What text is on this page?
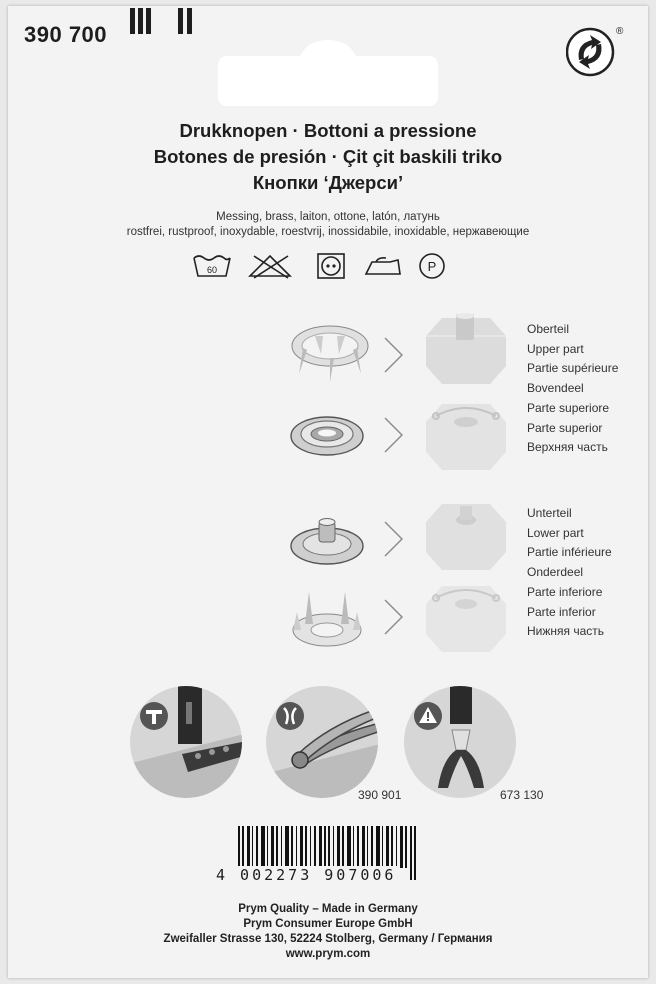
390 700	®
Drukknopen · Bottoni a pressione
Botones de presión · Çit çit baskili triko
Кнопки ‘Джерси’
Messing, brass, laiton, ottone, latón, латунь
rostfrei, rustproof, inoxydable, roestvrij, inossidabile, inoxidable, нержавеющие
60	P
Oberteil
Upper part
Partie supérieure
Bovendeel
Parte superiore
Parte superior
Верхняя часть
Unterteil
Lower part
Partie inférieure
Onderdeel
Parte inferiore
Parte inferior
Нижняя часть
390 901	673 130
4 002273 907006
Prym Quality – Made in Germany
Prym Consumer Europe GmbH
Zweifaller Strasse 130, 52224 Stolberg, Germany / Германия
www.prym.com
